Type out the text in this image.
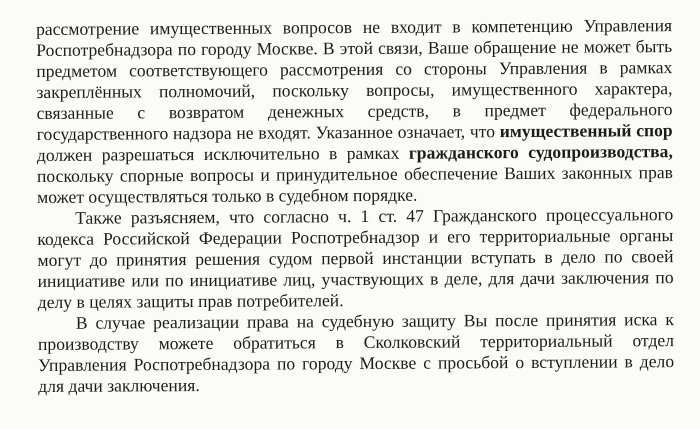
рассмотрение имущественных вопросов не входит в компетенцию Управления Роспотребнадзора по городу Москве. В этой связи, Ваше обращение не может быть предметом соответствующего рассмотрения со стороны Управления в рамках закреплённых полномочий, поскольку вопросы, имущественного характера, связанные с возвратом денежных средств, в предмет федерального государственного надзора не входят. Указанное означает, что имущественный спор должен разрешаться исключительно в рамках гражданского судопроизводства, поскольку спорные вопросы и принудительное обеспечение Ваших законных прав может осуществляться только в судебном порядке.

Также разъясняем, что согласно ч. 1 ст. 47 Гражданского процессуального кодекса Российской Федерации Роспотребнадзор и его территориальные органы могут до принятия решения судом первой инстанции вступать в дело по своей инициативе или по инициативе лиц, участвующих в деле, для дачи заключения по делу в целях защиты прав потребителей.

В случае реализации права на судебную защиту Вы после принятия иска к производству можете обратиться в Сколковский территориальный отдел Управления Роспотребнадзора по городу Москве с просьбой о вступлении в дело для дачи заключения.
